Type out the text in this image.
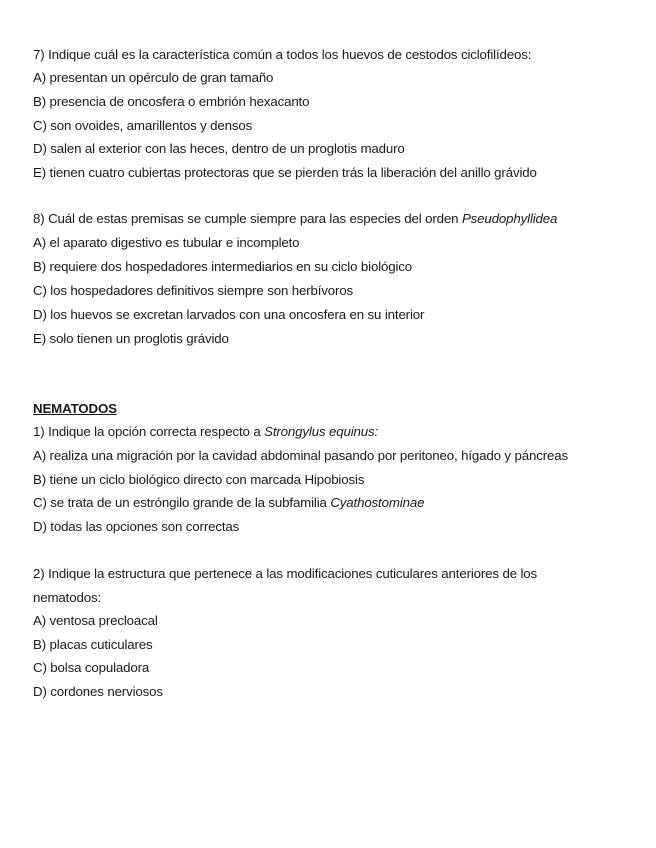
7) Indique cuál es la característica común a todos los huevos de cestodos ciclofilídeos:
A) presentan un opérculo de gran tamaño
B) presencia de oncosfera o embrión hexacanto
C) son ovoides, amarillentos y densos
D) salen al exterior con las heces, dentro de un proglotis maduro
E) tienen cuatro cubiertas protectoras que se pierden trás la liberación del anillo grávido
8) Cuál de estas premisas se cumple siempre para las especies del orden Pseudophyllidea
A) el aparato digestivo es tubular e incompleto
B) requiere dos hospedadores intermediarios en su ciclo biológico
C) los hospedadores definitivos siempre son herbívoros
D) los huevos se excretan larvados con una oncosfera en su interior
E) solo tienen un proglotis grávido
NEMATODOS
1) Indique la opción correcta respecto a Strongylus equinus:
A) realiza una migración por la cavidad abdominal pasando por peritoneo, hígado y páncreas
B) tiene un ciclo biológico directo con marcada Hipobiosis
C) se trata de un estróngilo grande de la subfamilia Cyathostominae
D) todas las opciones son correctas
2) Indique la estructura que pertenece a las modificaciones cuticulares anteriores de los
nematodos:
A) ventosa precloacal
B) placas cuticulares
C) bolsa copuladora
D) cordones nerviosos
